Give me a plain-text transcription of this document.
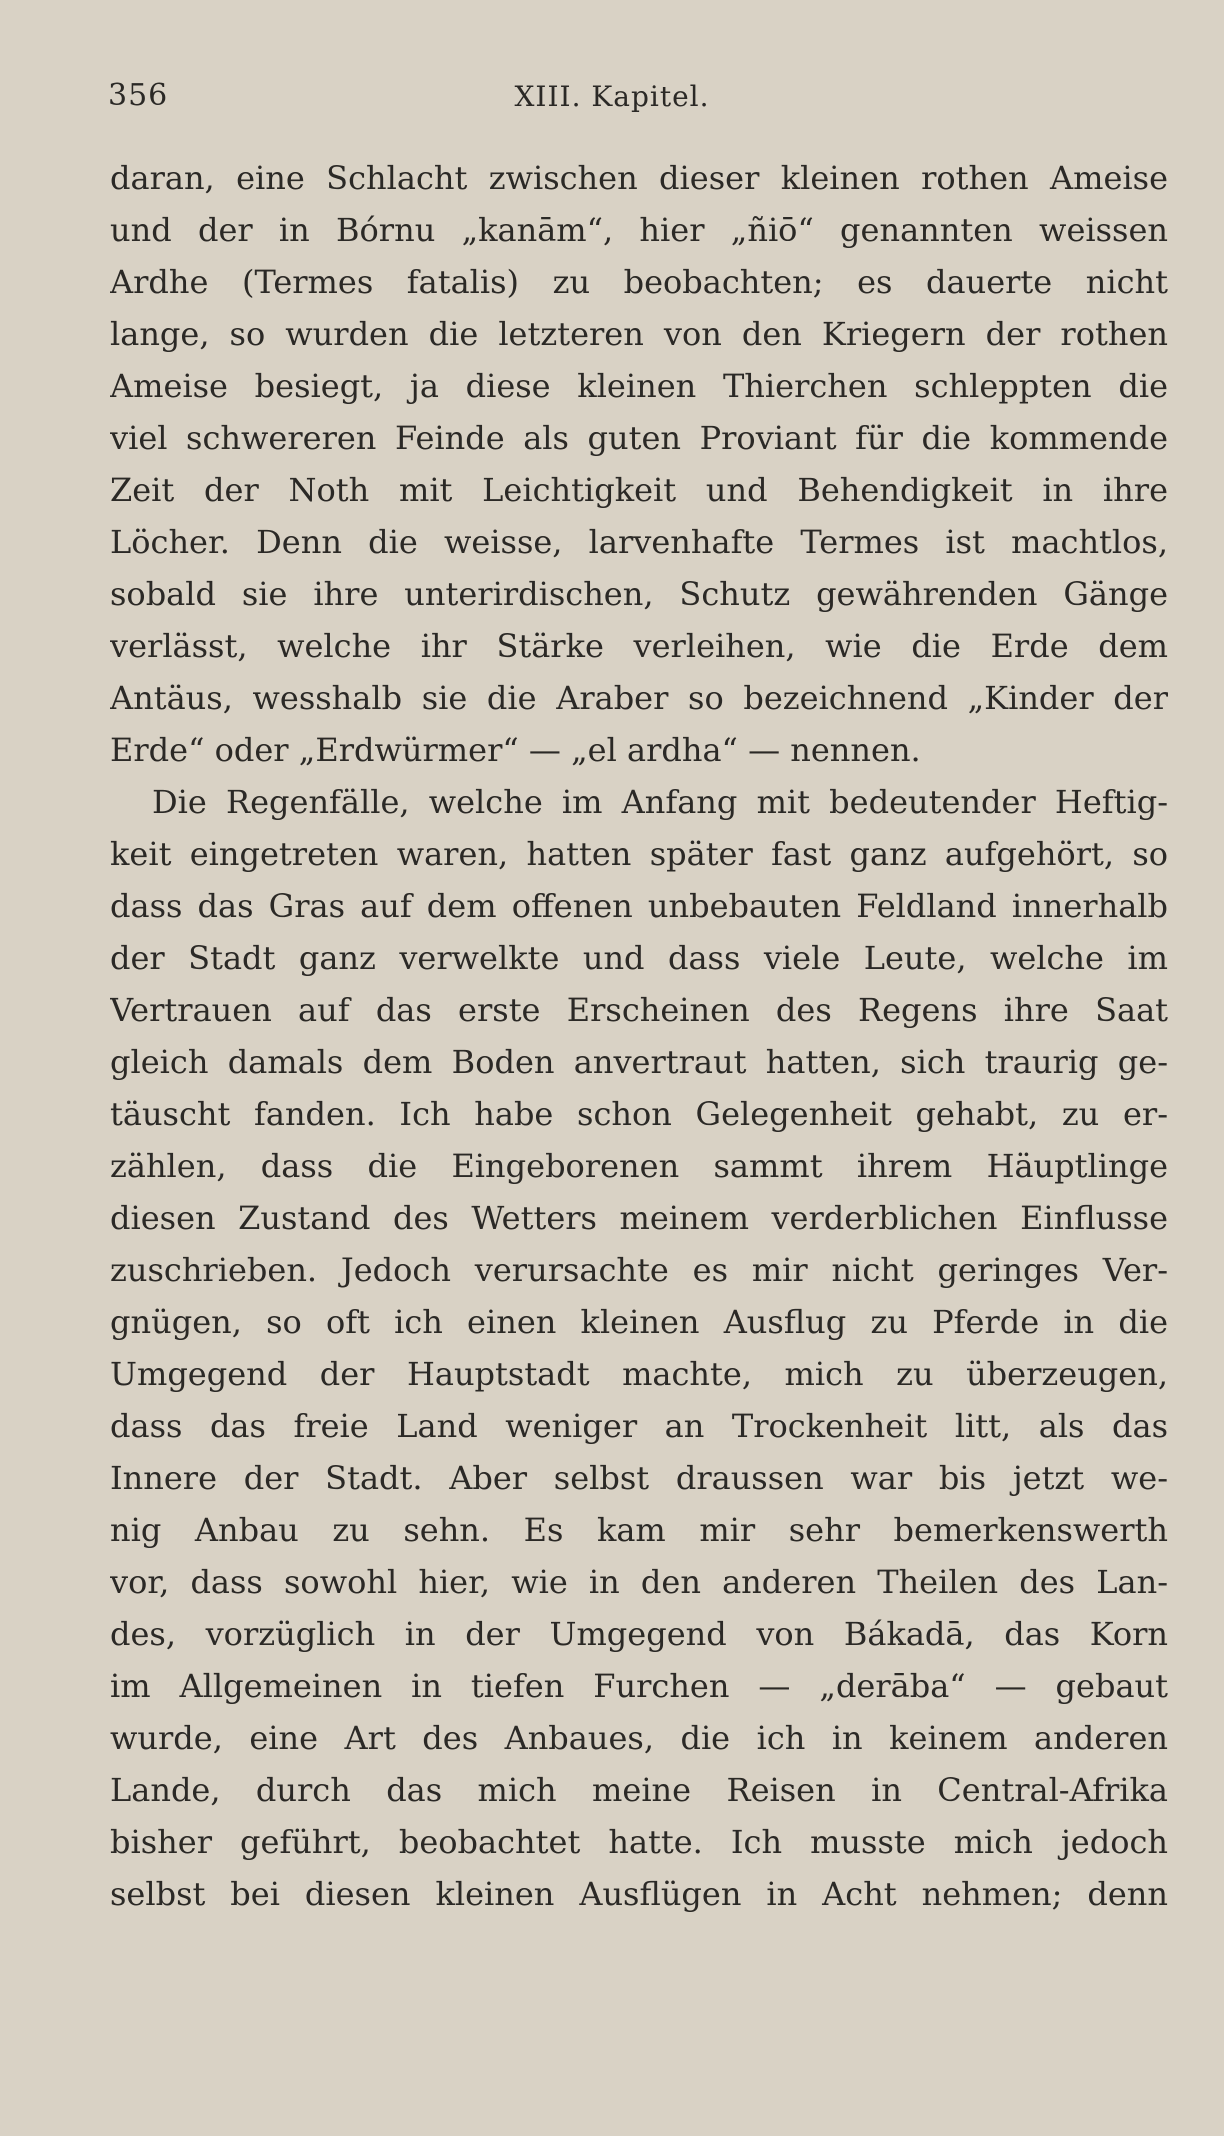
356	XIII. Kapitel.
daran, eine Schlacht zwischen dieser kleinen rothen Ameise
und der in Bórnu „kanām“, hier „ñiō“ genannten weissen
Ardhe (Termes fatalis) zu beobachten; es dauerte nicht
lange, so wurden die letzteren von den Kriegern der rothen
Ameise besiegt, ja diese kleinen Thierchen schleppten die
viel schwereren Feinde als guten Proviant für die kommende
Zeit der Noth mit Leichtigkeit und Behendigkeit in ihre
Löcher. Denn die weisse, larvenhafte Termes ist machtlos,
sobald sie ihre unterirdischen, Schutz gewährenden Gänge
verlässt, welche ihr Stärke verleihen, wie die Erde dem
Antäus, wesshalb sie die Araber so bezeichnend „Kinder der
Erde“ oder „Erdwürmer“ — „el ardha“ — nennen.
Die Regenfälle, welche im Anfang mit bedeutender Heftig-
keit eingetreten waren, hatten später fast ganz aufgehört, so
dass das Gras auf dem offenen unbebauten Feldland innerhalb
der Stadt ganz verwelkte und dass viele Leute, welche im
Vertrauen auf das erste Erscheinen des Regens ihre Saat
gleich damals dem Boden anvertraut hatten, sich traurig ge-
täuscht fanden. Ich habe schon Gelegenheit gehabt, zu er-
zählen, dass die Eingeborenen sammt ihrem Häuptlinge
diesen Zustand des Wetters meinem verderblichen Einflusse
zuschrieben. Jedoch verursachte es mir nicht geringes Ver-
gnügen, so oft ich einen kleinen Ausflug zu Pferde in die
Umgegend der Hauptstadt machte, mich zu überzeugen,
dass das freie Land weniger an Trockenheit litt, als das
Innere der Stadt. Aber selbst draussen war bis jetzt we-
nig Anbau zu sehn. Es kam mir sehr bemerkenswerth
vor, dass sowohl hier, wie in den anderen Theilen des Lan-
des, vorzüglich in der Umgegend von Bákadā, das Korn
im Allgemeinen in tiefen Furchen — „derāba“ — gebaut
wurde, eine Art des Anbaues, die ich in keinem anderen
Lande, durch das mich meine Reisen in Central-Afrika
bisher geführt, beobachtet hatte. Ich musste mich jedoch
selbst bei diesen kleinen Ausflügen in Acht nehmen; denn
